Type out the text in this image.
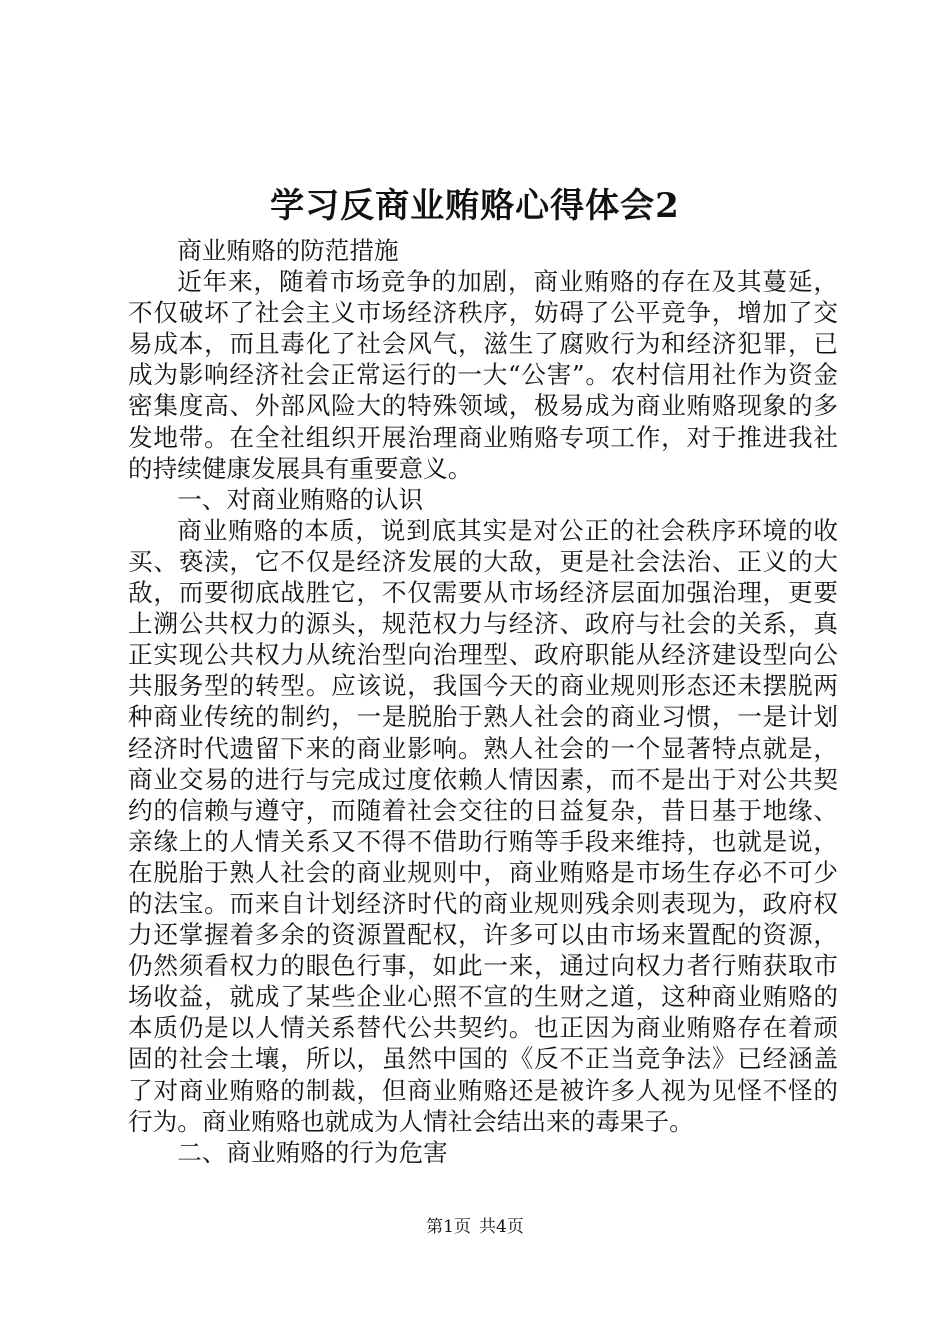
学习反商业贿赂心得体会2

商业贿赂的防范措施

近年来，随着市场竞争的加剧，商业贿赂的存在及其蔓延，不仅破坏了社会主义市场经济秩序，妨碍了公平竞争，增加了交易成本，而且毒化了社会风气，滋生了腐败行为和经济犯罪，已成为影响经济社会正常运行的一大“公害”。农村信用社作为资金密集度高、外部风险大的特殊领域，极易成为商业贿赂现象的多发地带。在全社组织开展治理商业贿赂专项工作，对于推进我社的持续健康发展具有重要意义。

一、对商业贿赂的认识

商业贿赂的本质，说到底其实是对公正的社会秩序环境的收买、亵渎，它不仅是经济发展的大敌，更是社会法治、正义的大敌，而要彻底战胜它，不仅需要从市场经济层面加强治理，更要上溯公共权力的源头，规范权力与经济、政府与社会的关系，真正实现公共权力从统治型向治理型、政府职能从经济建设型向公共服务型的转型。应该说，我国今天的商业规则形态还未摆脱两种商业传统的制约，一是脱胎于熟人社会的商业习惯，一是计划经济时代遗留下来的商业影响。熟人社会的一个显著特点就是，商业交易的进行与完成过度依赖人情因素，而不是出于对公共契约的信赖与遵守，而随着社会交往的日益复杂，昔日基于地缘、亲缘上的人情关系又不得不借助行贿等手段来维持，也就是说，在脱胎于熟人社会的商业规则中，商业贿赂是市场生存必不可少的法宝。而来自计划经济时代的商业规则残余则表现为，政府权力还掌握着多余的资源置配权，许多可以由市场来置配的资源，仍然须看权力的眼色行事，如此一来，通过向权力者行贿获取市场收益，就成了某些企业心照不宣的生财之道，这种商业贿赂的本质仍是以人情关系替代公共契约。也正因为商业贿赂存在着顽固的社会土壤，所以，虽然中国的《反不正当竞争法》已经涵盖了对商业贿赂的制裁，但商业贿赂还是被许多人视为见怪不怪的行为。商业贿赂也就成为人情社会结出来的毒果子。

二、商业贿赂的行为危害
第1页 共4页
